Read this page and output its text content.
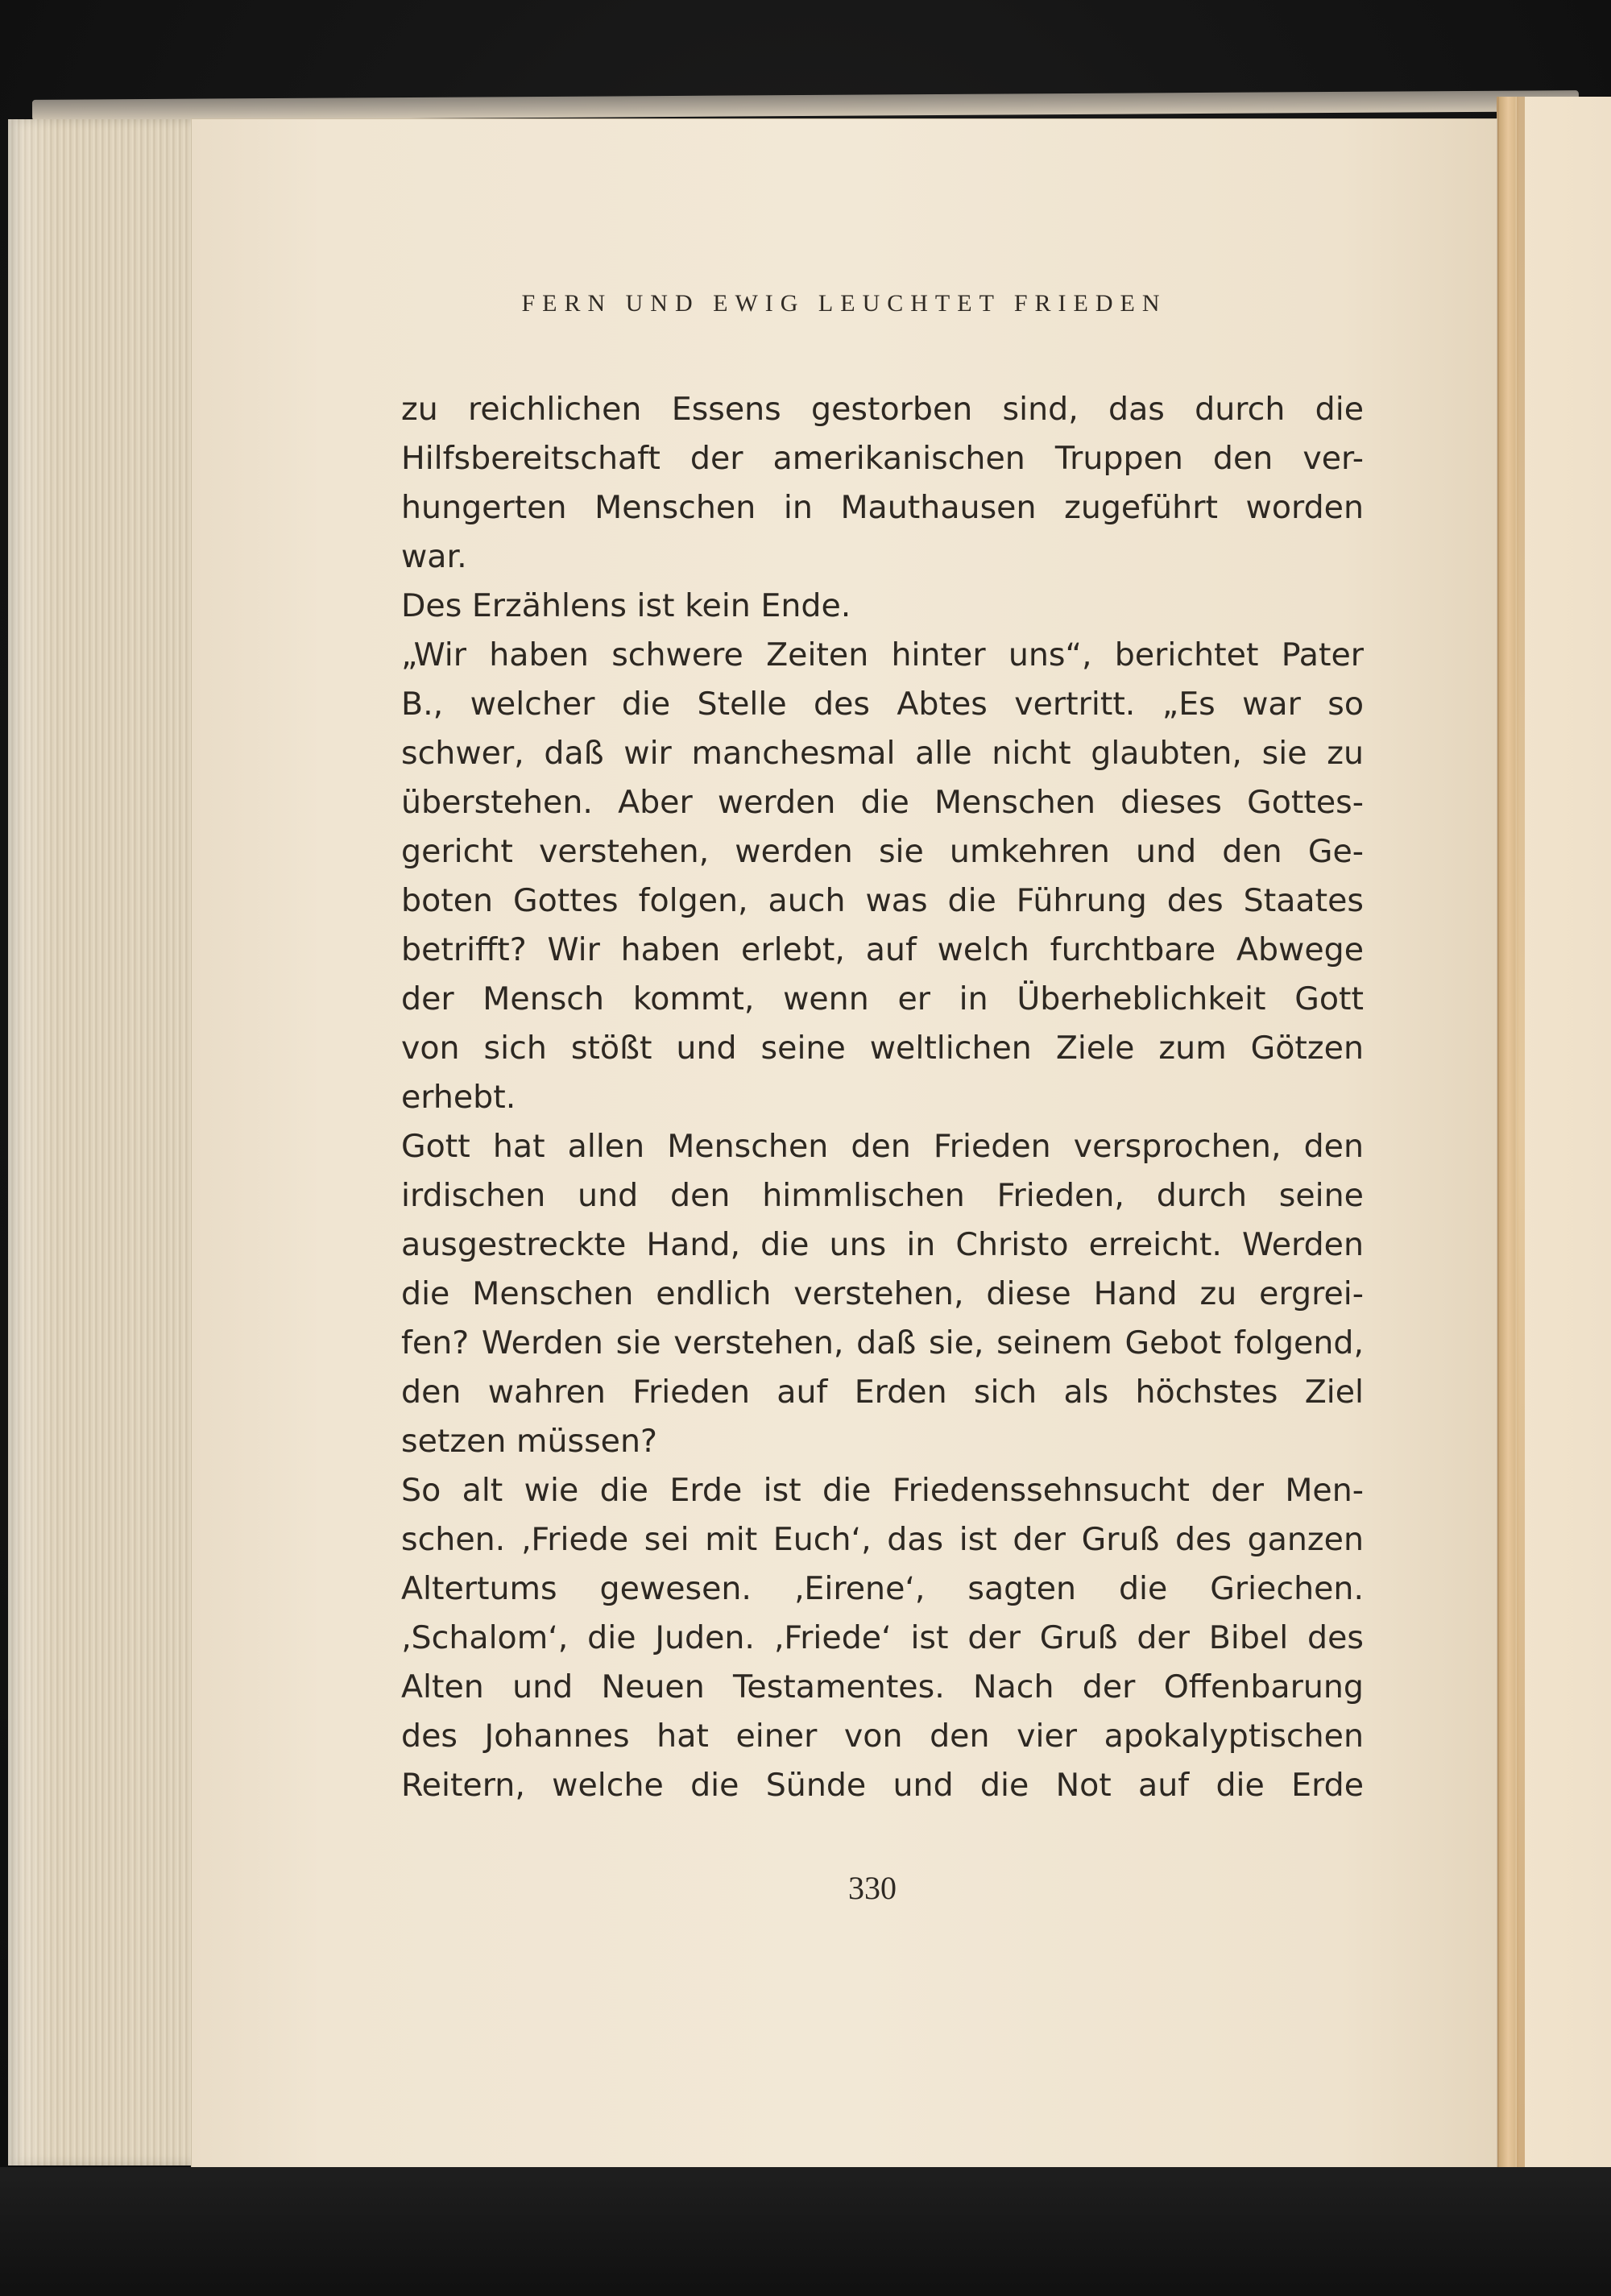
FERN UND EWIG LEUCHTET FRIEDEN
zu reichlichen Essens gestorben sind, das durch die
Hilfsbereitschaft der amerikanischen Truppen den ver-
hungerten Menschen in Mauthausen zugeführt worden
war.
Des Erzählens ist kein Ende.
„Wir haben schwere Zeiten hinter uns“, berichtet Pater
B., welcher die Stelle des Abtes vertritt. „Es war so
schwer, daß wir manchesmal alle nicht glaubten, sie zu
überstehen. Aber werden die Menschen dieses Gottes-
gericht verstehen, werden sie umkehren und den Ge-
boten Gottes folgen, auch was die Führung des Staates
betrifft? Wir haben erlebt, auf welch furchtbare Abwege
der Mensch kommt, wenn er in Überheblichkeit Gott
von sich stößt und seine weltlichen Ziele zum Götzen
erhebt.
Gott hat allen Menschen den Frieden versprochen, den
irdischen und den himmlischen Frieden, durch seine
ausgestreckte Hand, die uns in Christo erreicht. Werden
die Menschen endlich verstehen, diese Hand zu ergrei-
fen? Werden sie verstehen, daß sie, seinem Gebot folgend,
den wahren Frieden auf Erden sich als höchstes Ziel
setzen müssen?
So alt wie die Erde ist die Friedenssehnsucht der Men-
schen. ‚Friede sei mit Euch‘, das ist der Gruß des ganzen
Altertums gewesen. ‚Eirene‘, sagten die Griechen.
‚Schalom‘, die Juden. ‚Friede‘ ist der Gruß der Bibel des
Alten und Neuen Testamentes. Nach der Offenbarung
des Johannes hat einer von den vier apokalyptischen
Reitern, welche die Sünde und die Not auf die Erde
330
